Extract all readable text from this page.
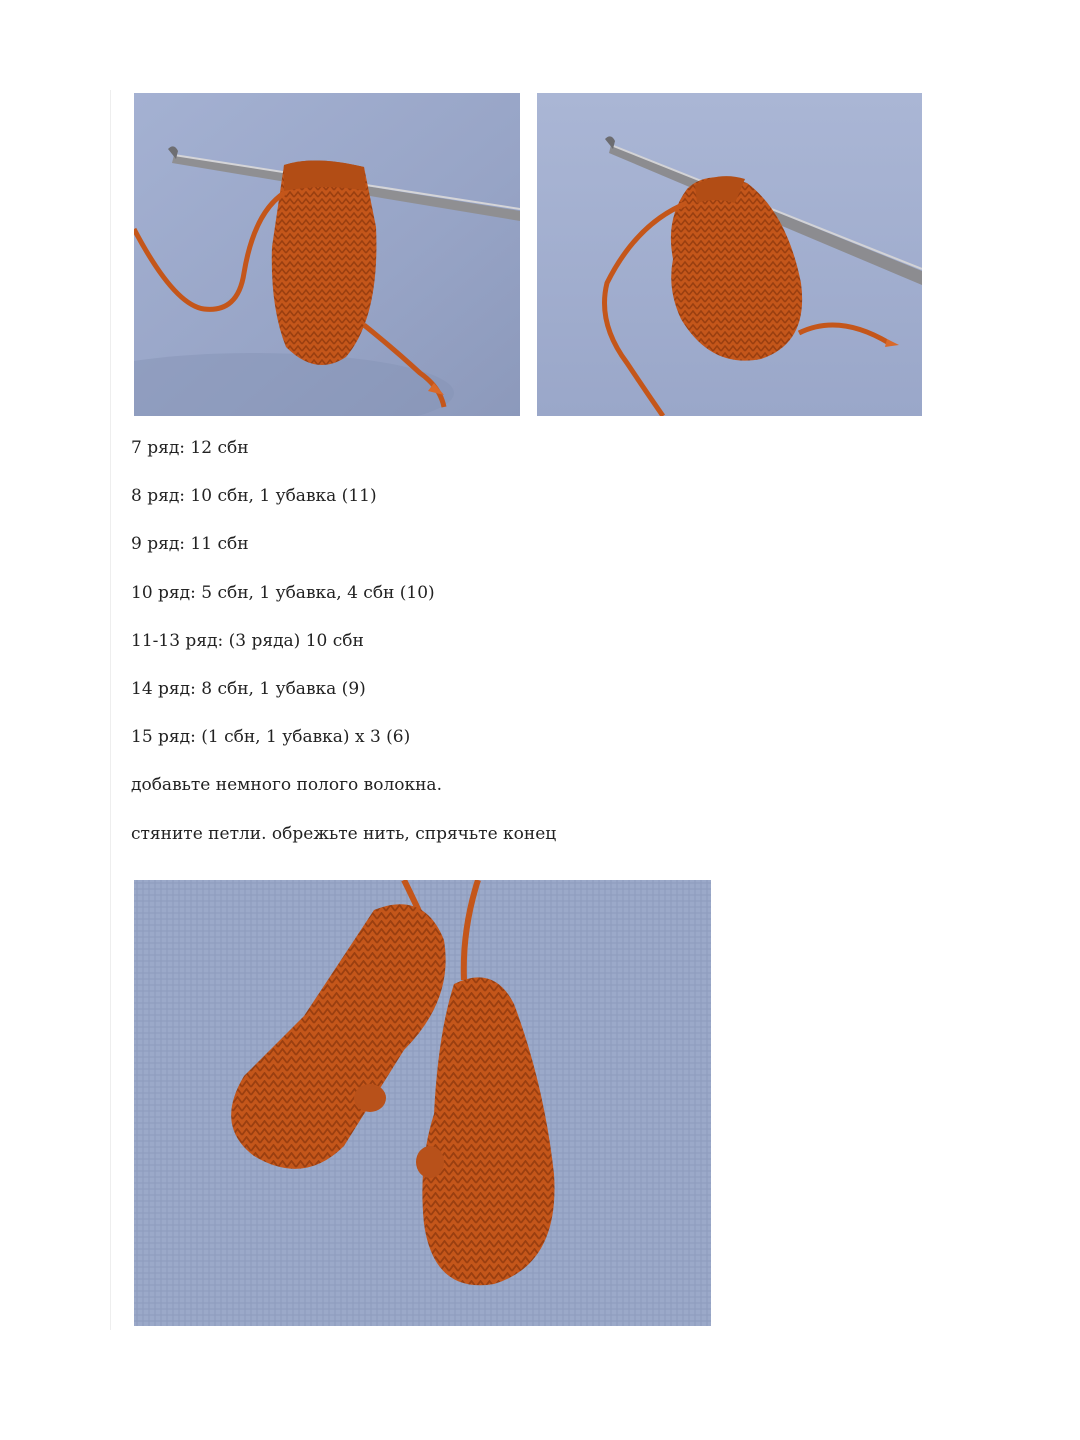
7 ряд: 12 сбн
8 ряд: 10 сбн, 1 убавка (11)
9 ряд: 11 сбн
10 ряд: 5 сбн, 1 убавка, 4 сбн (10)
11-13 ряд: (3 ряда) 10 сбн
14 ряд: 8 сбн, 1 убавка (9)
15 ряд: (1 сбн, 1 убавка) х 3 (6)
добавьте немного полого волокна.
стяните петли. обрежьте нить, спрячьте конец
